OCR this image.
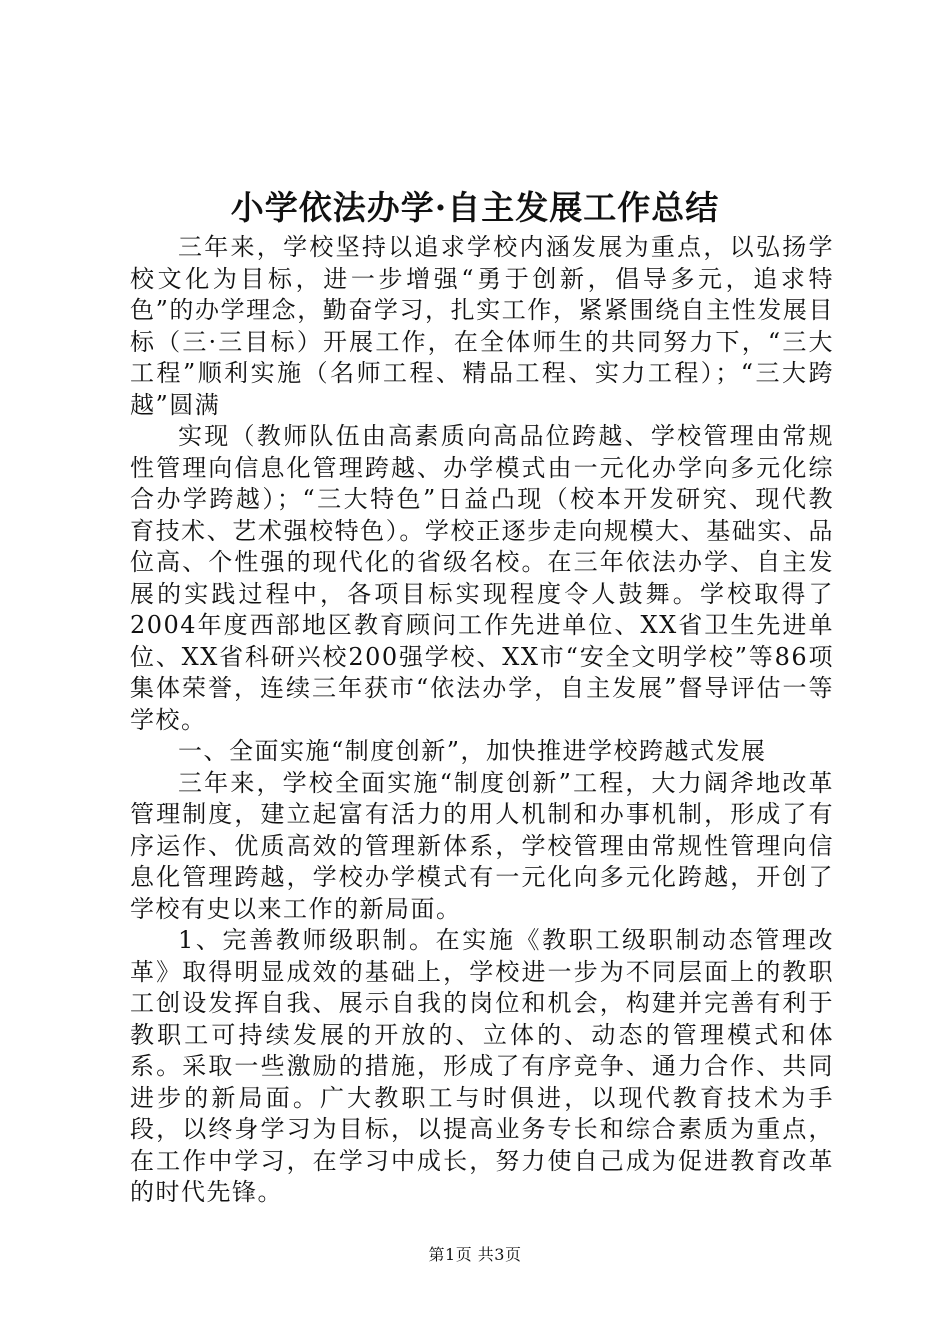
小学依法办学·自主发展工作总结

三年来，学校坚持以追求学校内涵发展为重点，以弘扬学校文化为目标，进一步增强“勇于创新，倡导多元，追求特色”的办学理念，勤奋学习，扎实工作，紧紧围绕自主性发展目标（三·三目标）开展工作，在全体师生的共同努力下，“三大工程”顺利实施（名师工程、精品工程、实力工程）；“三大跨越”圆满

实现（教师队伍由高素质向高品位跨越、学校管理由常规性管理向信息化管理跨越、办学模式由一元化办学向多元化综合办学跨越）；“三大特色”日益凸现（校本开发研究、现代教育技术、艺术强校特色）。学校正逐步走向规模大、基础实、品位高、个性强的现代化的省级名校。在三年依法办学、自主发展的实践过程中，各项目标实现程度令人鼓舞。学校取得了2004年度西部地区教育顾问工作先进单位、XX省卫生先进单位、XX省科研兴校200强学校、XX市“安全文明学校”等86项集体荣誉，连续三年获市“依法办学，自主发展”督导评估一等学校。

一、全面实施“制度创新”，加快推进学校跨越式发展

三年来，学校全面实施“制度创新”工程，大力阔斧地改革管理制度，建立起富有活力的用人机制和办事机制，形成了有序运作、优质高效的管理新体系，学校管理由常规性管理向信息化管理跨越，学校办学模式有一元化向多元化跨越，开创了学校有史以来工作的新局面。

1、完善教师级职制。在实施《教职工级职制动态管理改革》取得明显成效的基础上，学校进一步为不同层面上的教职工创设发挥自我、展示自我的岗位和机会，构建并完善有利于教职工可持续发展的开放的、立体的、动态的管理模式和体系。采取一些激励的措施，形成了有序竞争、通力合作、共同进步的新局面。广大教职工与时俱进，以现代教育技术为手段，以终身学习为目标，以提高业务专长和综合素质为重点，在工作中学习，在学习中成长，努力使自己成为促进教育改革的时代先锋。

第1页 共3页
